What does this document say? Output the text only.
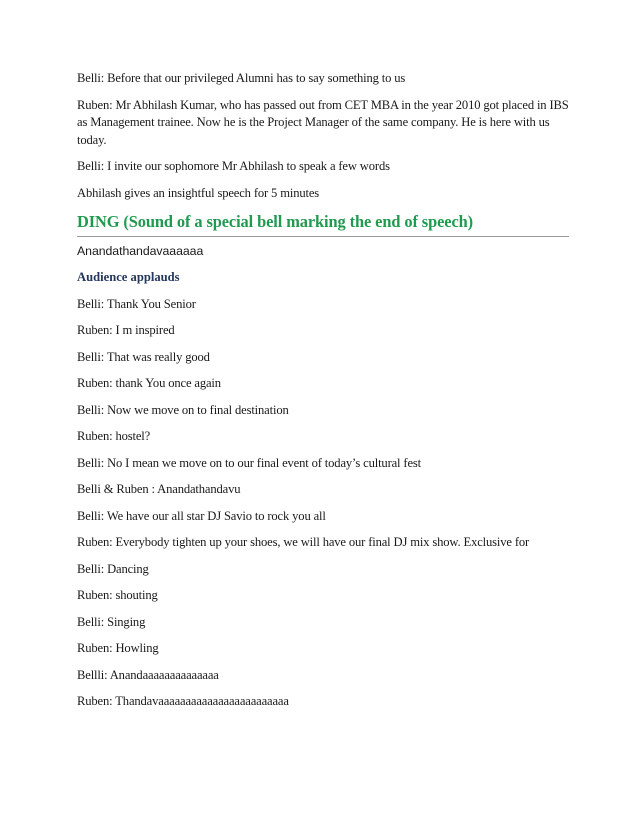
Belli: Before that our privileged Alumni has to say something to us

Ruben: Mr Abhilash Kumar, who has passed out from CET MBA in the year 2010 got placed in IBS as Management trainee. Now he is the Project Manager of the same company. He is here with us today.

Belli: I invite our sophomore Mr Abhilash to speak a few words

Abhilash gives an insightful speech for 5 minutes

DING (Sound of a special bell marking the end of speech)

Anandathandavaaaaaa

Audience applauds

Belli: Thank You Senior

Ruben: I m inspired

Belli: That was really good

Ruben: thank You once again

Belli: Now we move on to final destination

Ruben: hostel?

Belli: No I mean we move on to our final event of today’s cultural fest

Belli & Ruben : Anandathandavu

Belli: We have our all star DJ Savio to rock you all

Ruben: Everybody tighten up your shoes, we will have our final DJ mix show. Exclusive for

Belli: Dancing

Ruben: shouting

Belli: Singing

Ruben: Howling

Bellli: Anandaaaaaaaaaaaaaa

Ruben: Thandavaaaaaaaaaaaaaaaaaaaaaaaa
